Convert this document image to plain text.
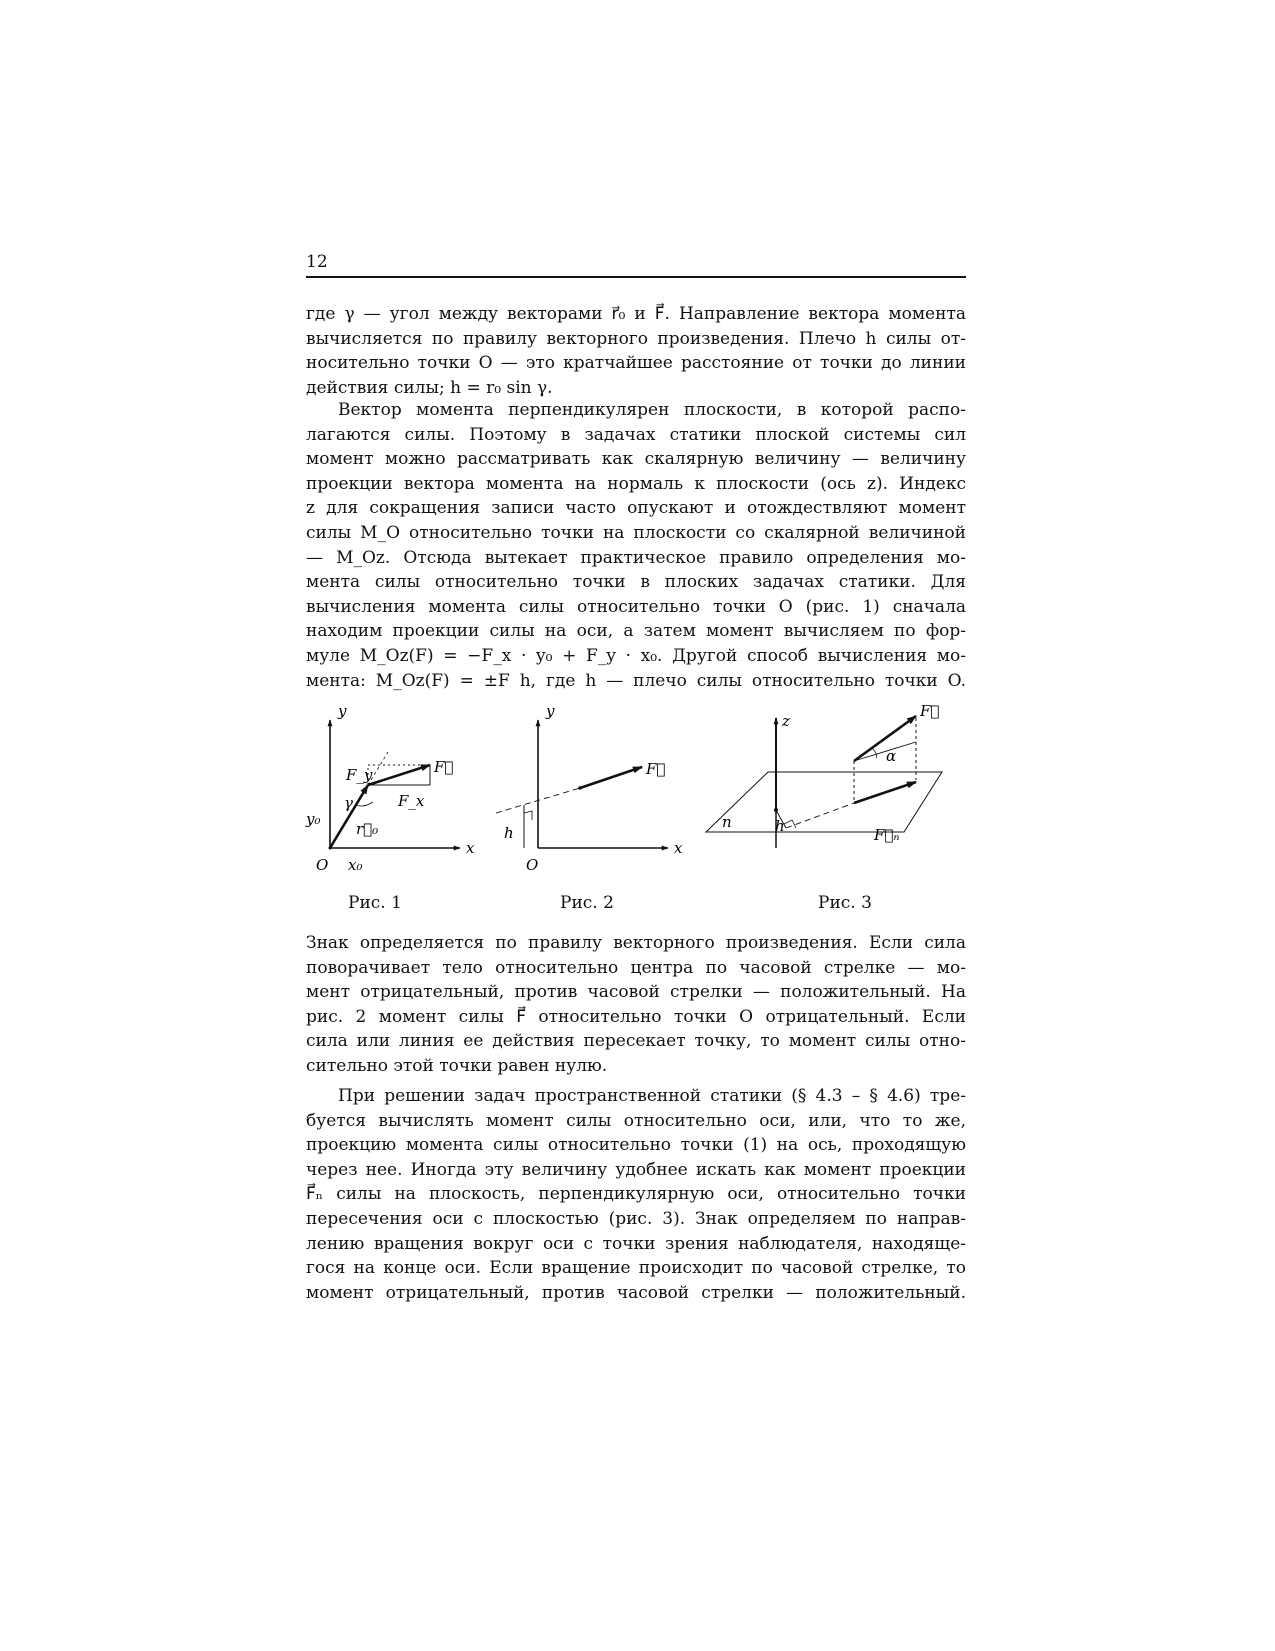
12
где γ — угол между векторами r⃗₀ и F⃗. Направление вектора момента
вычисляется по правилу векторного произведения. Плечо h силы от-
носительно точки O — это кратчайшее расстояние от точки до линии
действия силы; h = r₀ sin γ.
Вектор момента перпендикулярен плоскости, в которой распо-
лагаются силы. Поэтому в задачах статики плоской системы сил
момент можно рассматривать как скалярную величину — величину
проекции вектора момента на нормаль к плоскости (ось z). Индекс
z для сокращения записи часто опускают и отождествляют момент
силы M_O относительно точки на плоскости со скалярной величиной
— M_Oz. Отсюда вытекает практическое правило определения мо-
мента силы относительно точки в плоских задачах статики. Для
вычисления момента силы относительно точки O (рис. 1) сначала
находим проекции силы на оси, а затем момент вычисляем по фор-
муле M_Oz(F) = −F_x · y₀ + F_y · x₀. Другой способ вычисления мо-
мента: M_Oz(F) = ±F h, где h — плечо силы относительно точки O.
y
x
O x₀
y₀
r⃗₀
γ
F_y
F_x
F⃗
y
x
O
h
F⃗
z
F⃗
α
F⃗ₙ
n	h
Рис. 1	Рис. 2	Рис. 3
Знак определяется по правилу векторного произведения. Если сила
поворачивает тело относительно центра по часовой стрелке — мо-
мент отрицательный, против часовой стрелки — положительный. На
рис. 2 момент силы F⃗ относительно точки O отрицательный. Если
сила или линия ее действия пересекает точку, то момент силы отно-
сительно этой точки равен нулю.
При решении задач пространственной статики (§ 4.3 – § 4.6) тре-
буется вычислять момент силы относительно оси, или, что то же,
проекцию момента силы относительно точки (1) на ось, проходящую
через нее. Иногда эту величину удобнее искать как момент проекции
F⃗ₙ силы на плоскость, перпендикулярную оси, относительно точки
пересечения оси с плоскостью (рис. 3). Знак определяем по направ-
лению вращения вокруг оси с точки зрения наблюдателя, находяще-
гося на конце оси. Если вращение происходит по часовой стрелке, то
момент отрицательный, против часовой стрелки — положительный.
